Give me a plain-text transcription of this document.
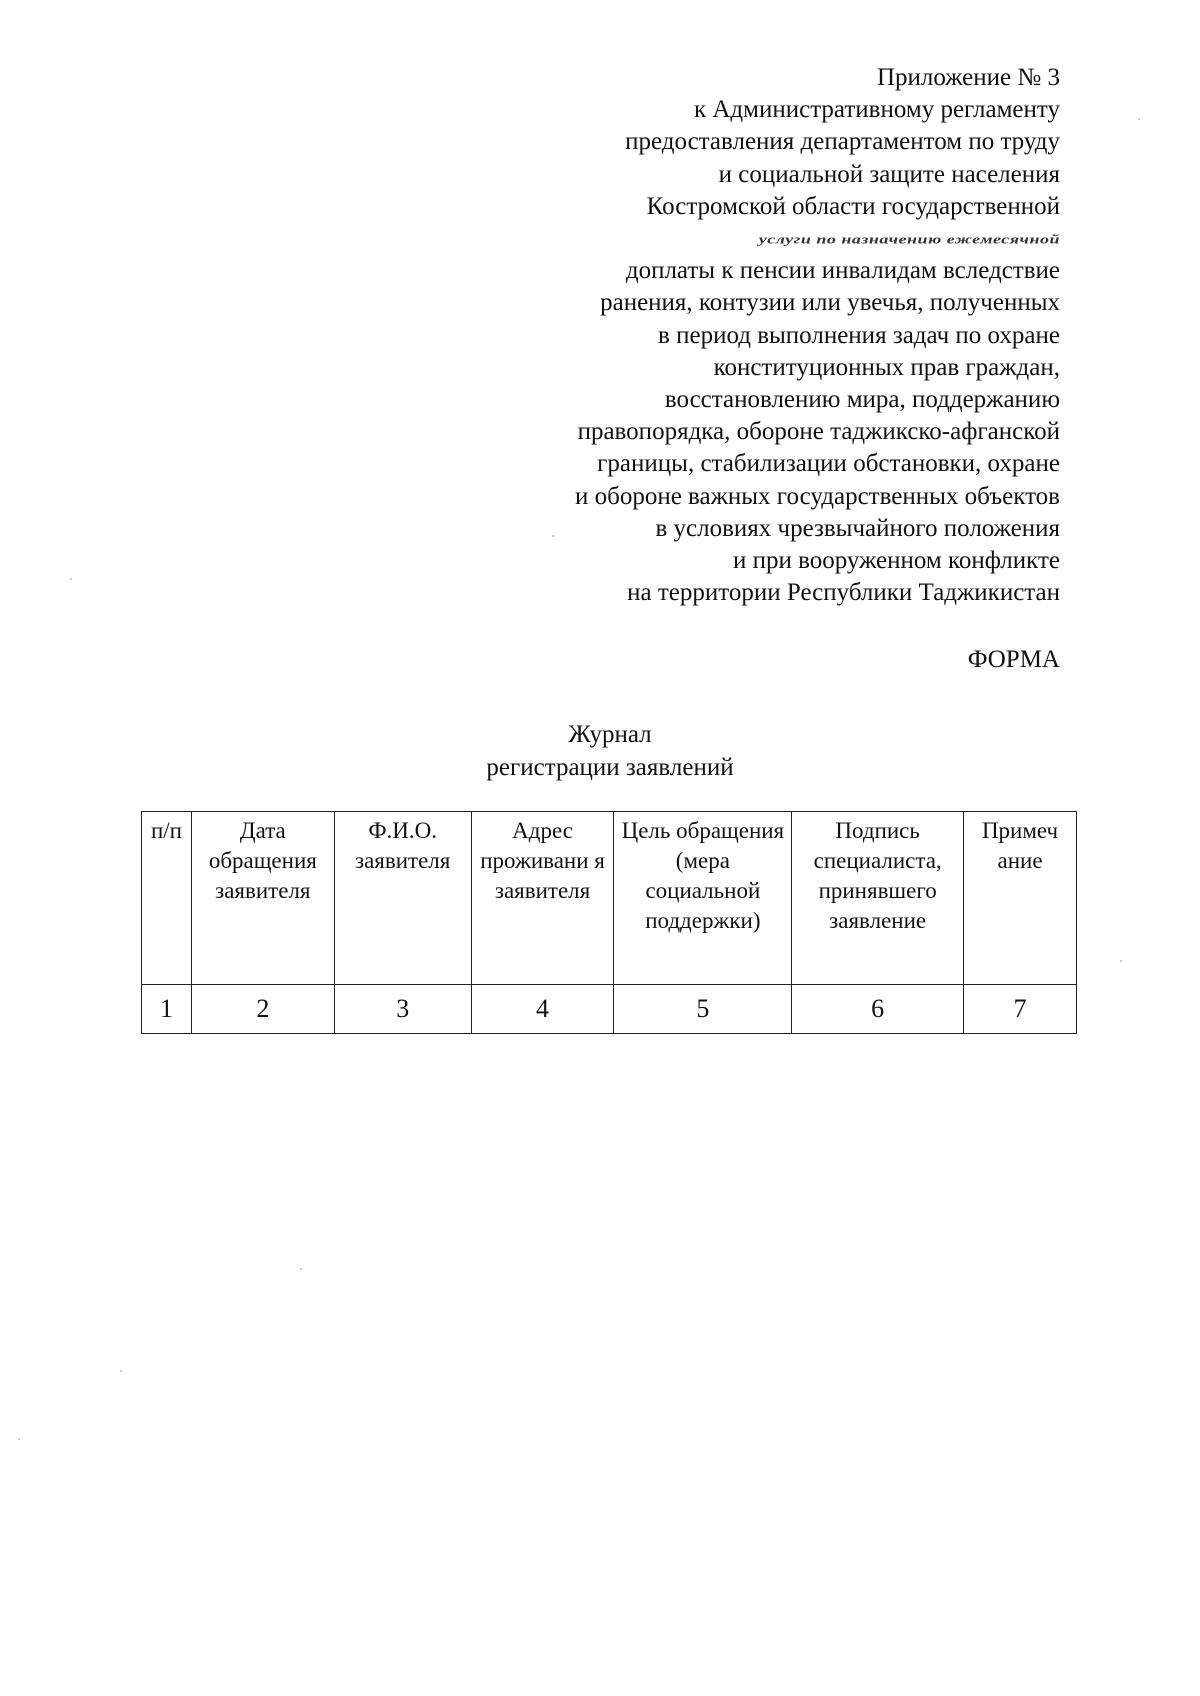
Приложение № 3
к Административному регламенту
предоставления департаментом по труду
и социальной защите населения
Костромской области государственной
услуги по назначению ежемесячной
доплаты к пенсии инвалидам вследствие
ранения, контузии или увечья, полученных
в период выполнения задач по охране
конституционных прав граждан,
восстановлению мира, поддержанию
правопорядка, обороне таджикско-афганской
границы, стабилизации обстановки, охране
и обороне важных государственных объектов
в условиях чрезвычайного положения
и при вооруженном конфликте
на территории Республики Таджикистан
ФОРМА
Журнал
регистрации заявлений
п/п	Дата обращения заявителя	Ф.И.О. заявителя	Адрес проживани я заявителя	Цель обращения (мера социальной поддержки)	Подпись специалиста, принявшего заявление	Примеч ание
1	2	3	4	5	6	7
